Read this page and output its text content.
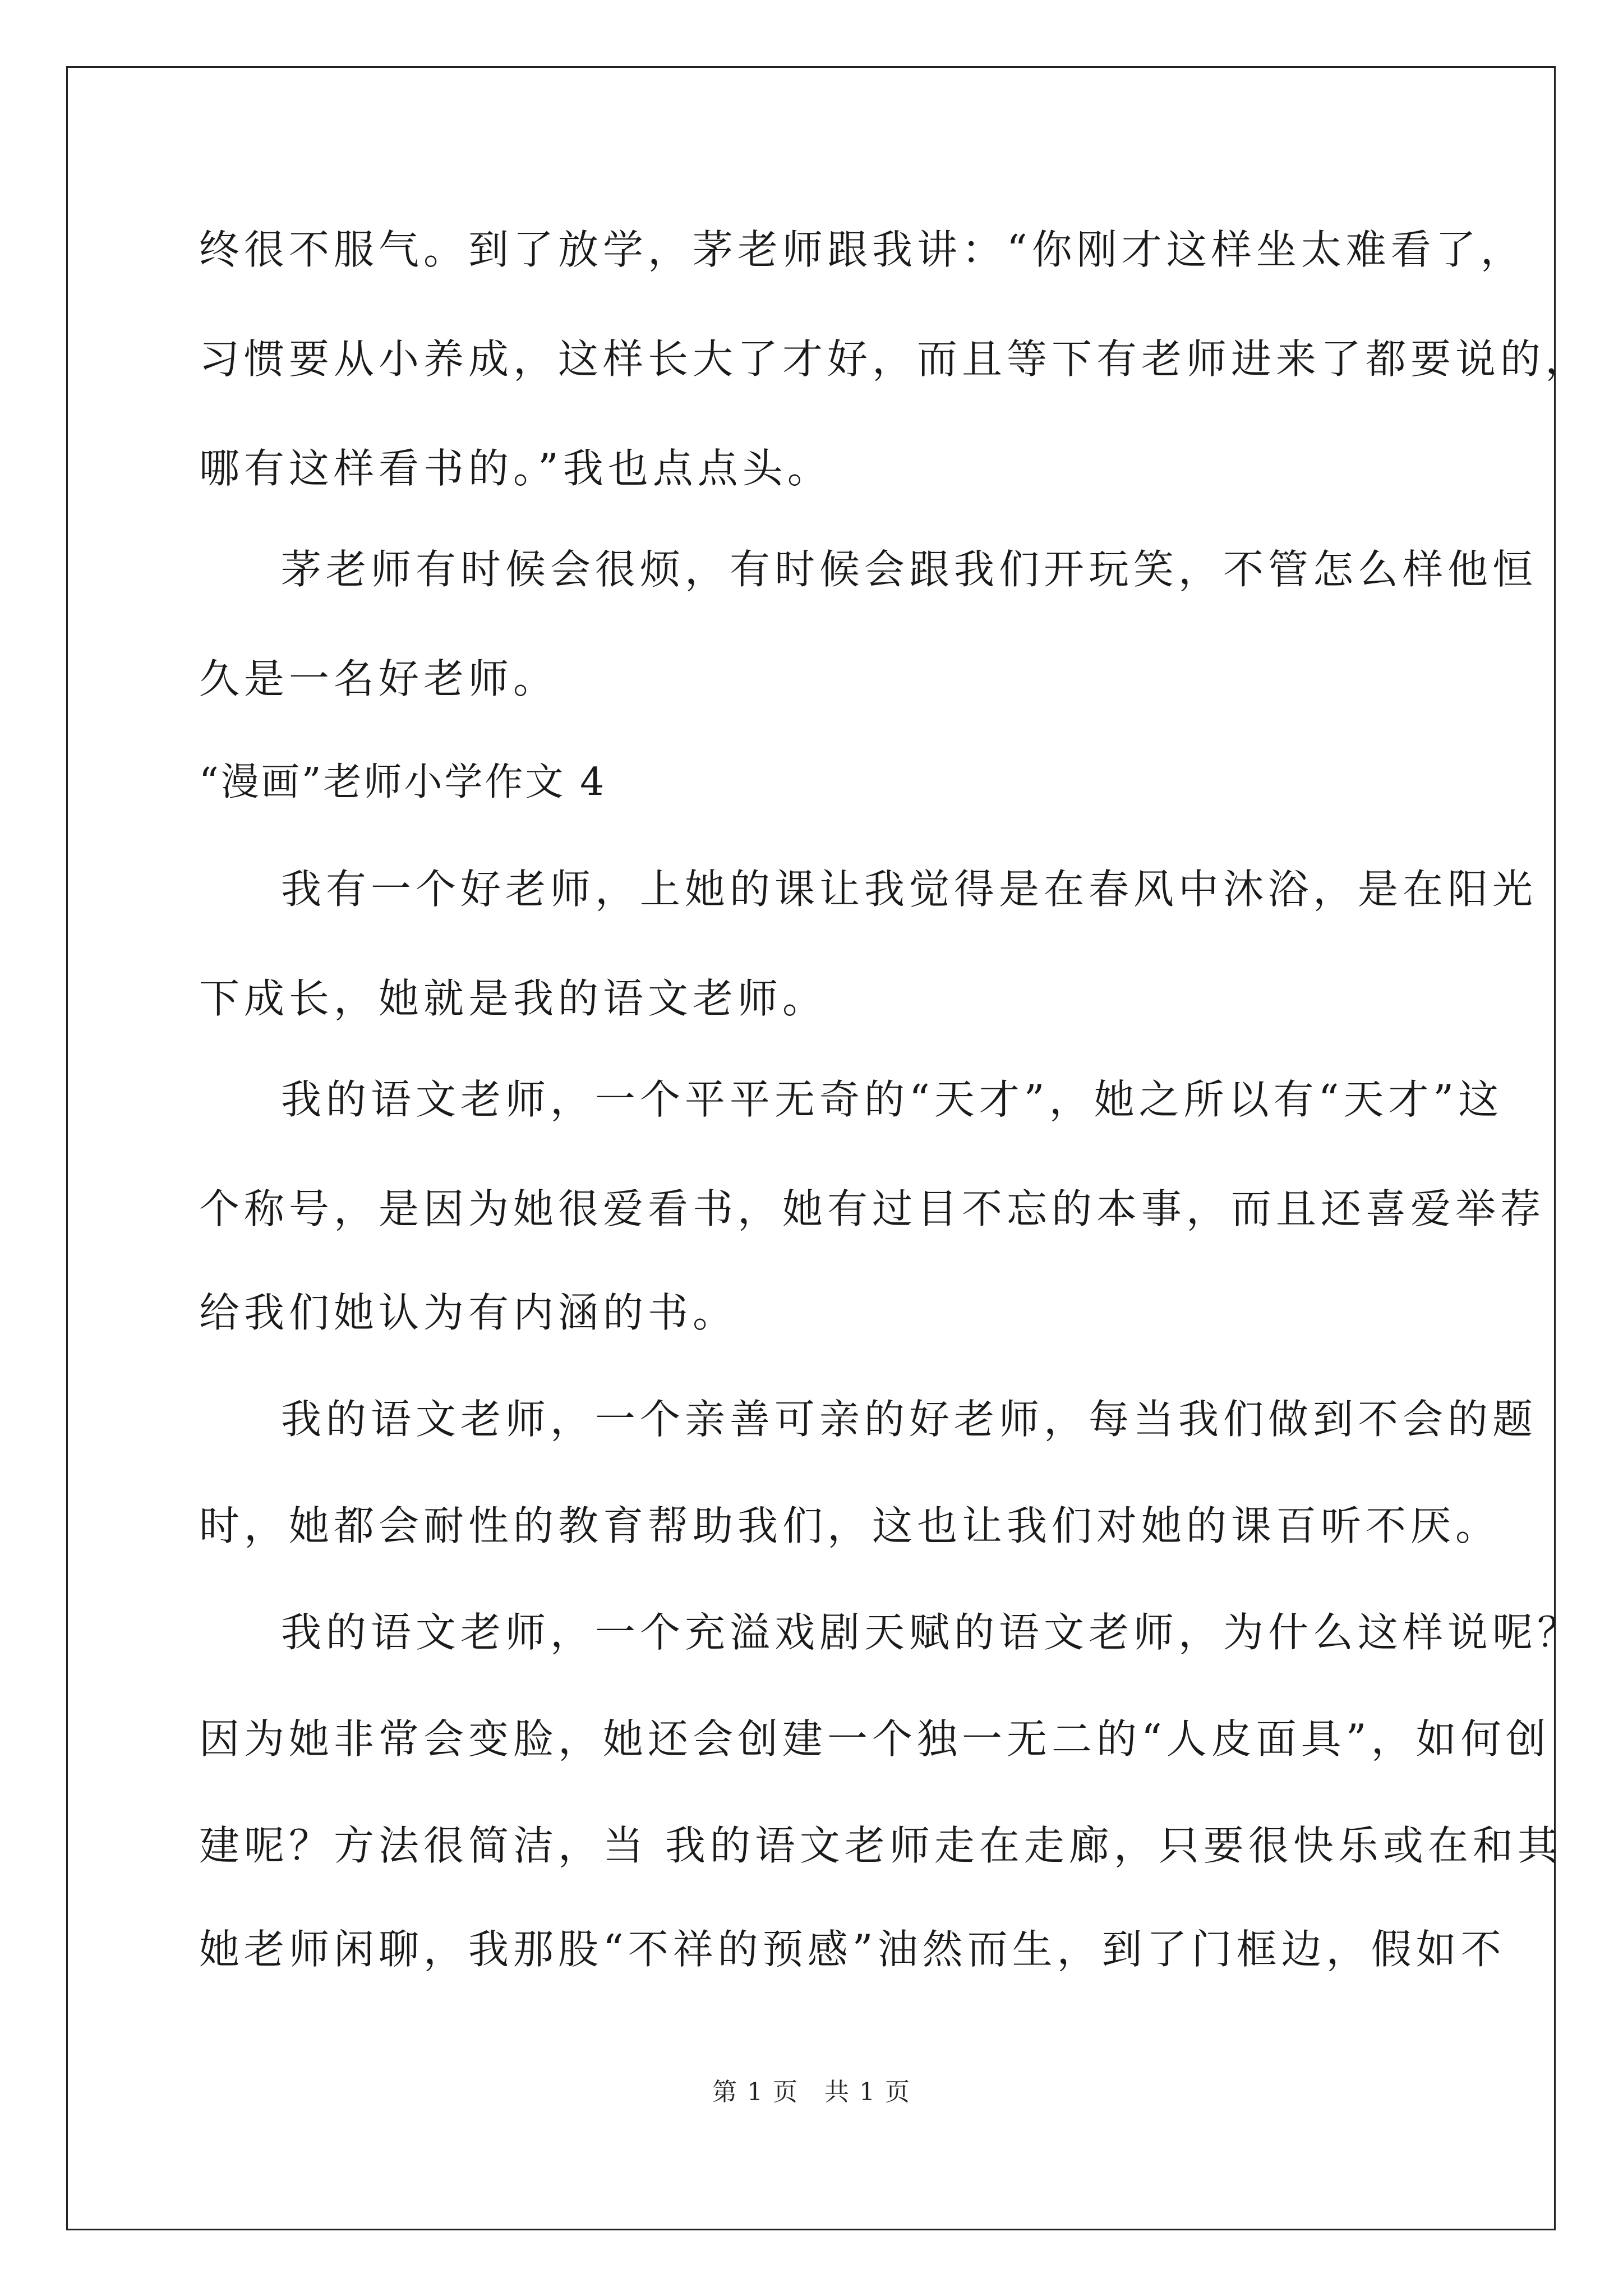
终很不服气。到了放学，茅老师跟我讲：“你刚才这样坐太难看了，
习惯要从小养成，这样长大了才好，而且等下有老师进来了都要说的，
哪有这样看书的。”我也点点头。
茅老师有时候会很烦，有时候会跟我们开玩笑，不管怎么样他恒
久是一名好老师。
“漫画”老师小学作文 4
我有一个好老师，上她的课让我觉得是在春风中沐浴，是在阳光
下成长，她就是我的语文老师。
我的语文老师，一个平平无奇的“天才”，她之所以有“天才”这
个称号，是因为她很爱看书，她有过目不忘的本事，而且还喜爱举荐
给我们她认为有内涵的书。
我的语文老师，一个亲善可亲的好老师，每当我们做到不会的题
时，她都会耐性的教育帮助我们，这也让我们对她的课百听不厌。
我的语文老师，一个充溢戏剧天赋的语文老师，为什么这样说呢？
因为她非常会变脸，她还会创建一个独一无二的“人皮面具”，如何创
建呢？方法很简洁，当 我的语文老师走在走廊，只要很快乐或在和其
她老师闲聊，我那股“不祥的预感”油然而生，到了门框边，假如不
第 1 页　共 1 页
